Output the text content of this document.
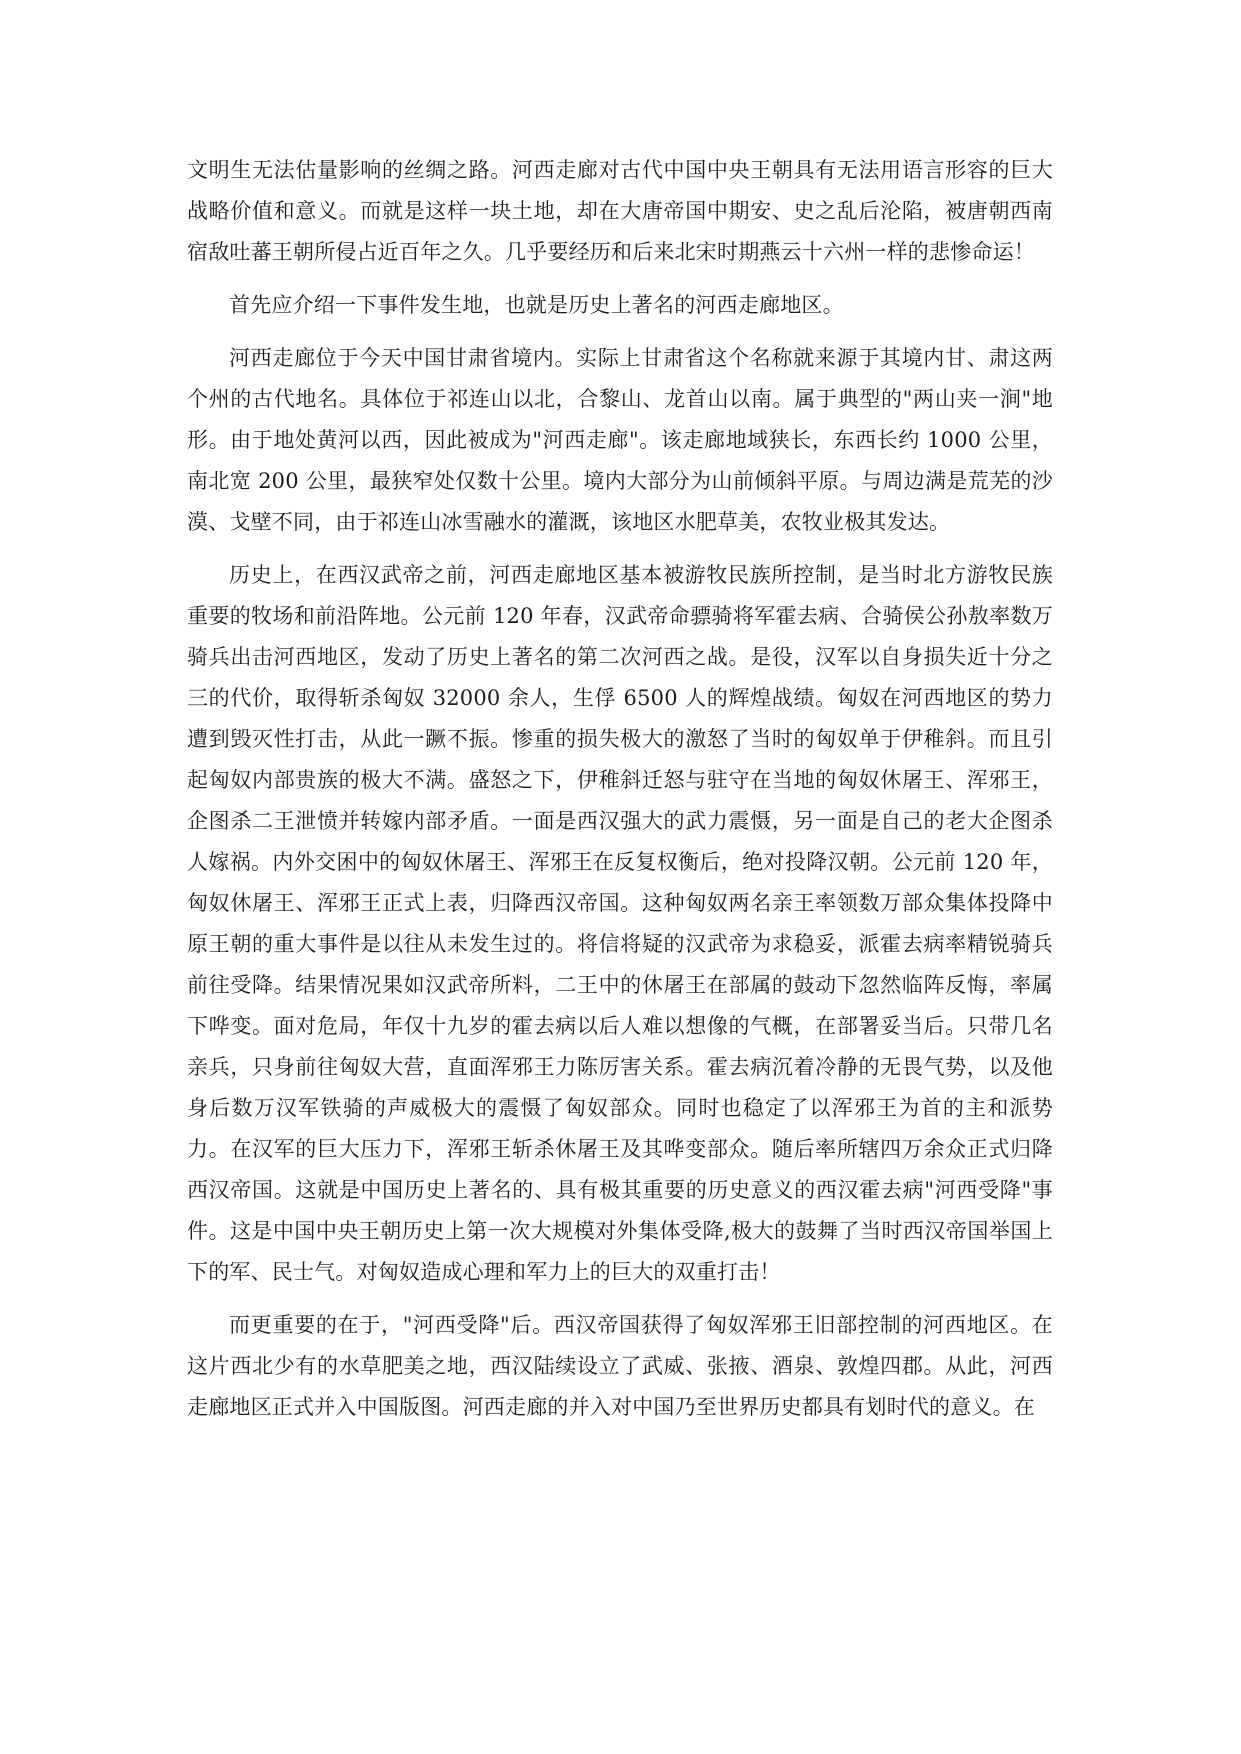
文明生无法估量影响的丝绸之路。河西走廊对古代中国中央王朝具有无法用语言形容的巨大战略价值和意义。而就是这样一块土地，却在大唐帝国中期安、史之乱后沦陷，被唐朝西南宿敌吐蕃王朝所侵占近百年之久。几乎要经历和后来北宋时期燕云十六州一样的悲惨命运！

首先应介绍一下事件发生地，也就是历史上著名的河西走廊地区。

河西走廊位于今天中国甘肃省境内。实际上甘肃省这个名称就来源于其境内甘、肃这两个州的古代地名。具体位于祁连山以北，合黎山、龙首山以南。属于典型的"两山夹一涧"地形。由于地处黄河以西，因此被成为"河西走廊"。该走廊地域狭长，东西长约 1000 公里，南北宽 200 公里，最狭窄处仅数十公里。境内大部分为山前倾斜平原。与周边满是荒芜的沙漠、戈壁不同，由于祁连山冰雪融水的灌溉，该地区水肥草美，农牧业极其发达。

历史上，在西汉武帝之前，河西走廊地区基本被游牧民族所控制，是当时北方游牧民族重要的牧场和前沿阵地。公元前 120 年春，汉武帝命骠骑将军霍去病、合骑侯公孙敖率数万骑兵出击河西地区，发动了历史上著名的第二次河西之战。是役，汉军以自身损失近十分之三的代价，取得斩杀匈奴 32000 余人，生俘 6500 人的辉煌战绩。匈奴在河西地区的势力遭到毁灭性打击，从此一蹶不振。惨重的损失极大的激怒了当时的匈奴单于伊稚斜。而且引起匈奴内部贵族的极大不满。盛怒之下，伊稚斜迁怒与驻守在当地的匈奴休屠王、浑邪王，企图杀二王泄愤并转嫁内部矛盾。一面是西汉强大的武力震慑，另一面是自己的老大企图杀人嫁祸。内外交困中的匈奴休屠王、浑邪王在反复权衡后，绝对投降汉朝。公元前 120 年，匈奴休屠王、浑邪王正式上表，归降西汉帝国。这种匈奴两名亲王率领数万部众集体投降中原王朝的重大事件是以往从未发生过的。将信将疑的汉武帝为求稳妥，派霍去病率精锐骑兵前往受降。结果情况果如汉武帝所料，二王中的休屠王在部属的鼓动下忽然临阵反悔，率属下哗变。面对危局，年仅十九岁的霍去病以后人难以想像的气概，在部署妥当后。只带几名亲兵，只身前往匈奴大营，直面浑邪王力陈厉害关系。霍去病沉着冷静的无畏气势，以及他身后数万汉军铁骑的声威极大的震慑了匈奴部众。同时也稳定了以浑邪王为首的主和派势力。在汉军的巨大压力下，浑邪王斩杀休屠王及其哗变部众。随后率所辖四万余众正式归降西汉帝国。这就是中国历史上著名的、具有极其重要的历史意义的西汉霍去病"河西受降"事件。这是中国中央王朝历史上第一次大规模对外集体受降,极大的鼓舞了当时西汉帝国举国上下的军、民士气。对匈奴造成心理和军力上的巨大的双重打击！

而更重要的在于，"河西受降"后。西汉帝国获得了匈奴浑邪王旧部控制的河西地区。在这片西北少有的水草肥美之地，西汉陆续设立了武威、张掖、酒泉、敦煌四郡。从此，河西走廊地区正式并入中国版图。河西走廊的并入对中国乃至世界历史都具有划时代的意义。在
